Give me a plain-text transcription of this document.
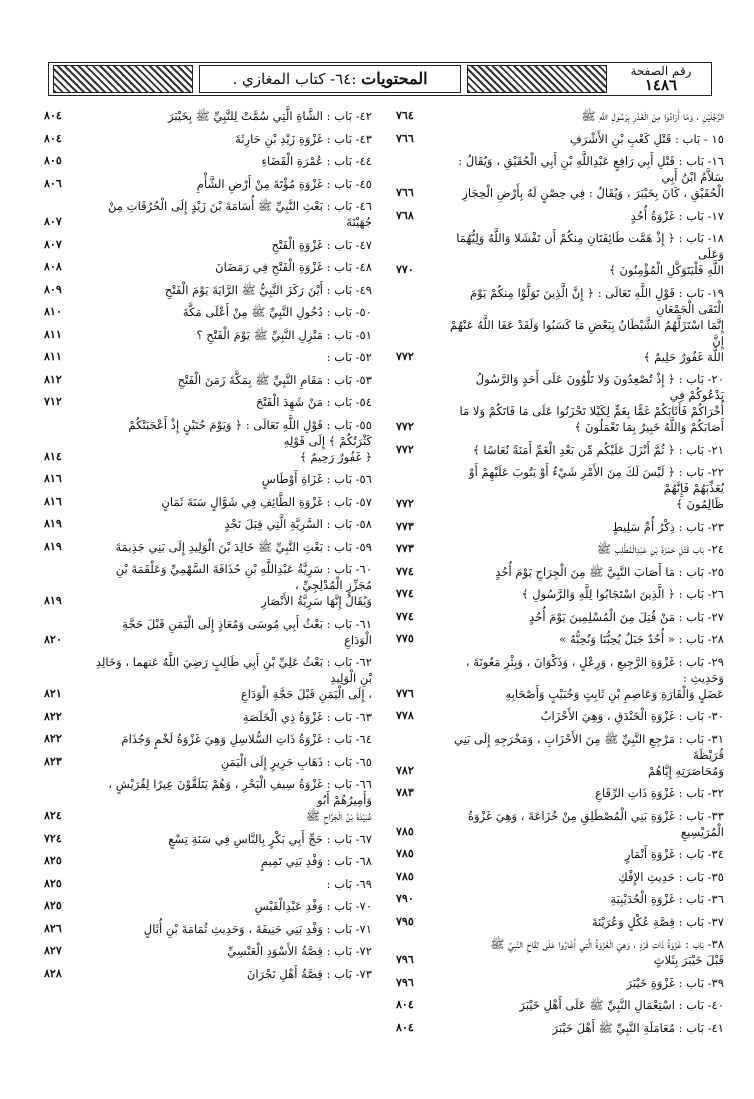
رقم الصفحة
١٤٨٦
المحتويات :٦٤- كتاب المغازي .
الرَّجُلَيْنِ ، وَمَا أَرَادُوا مِنَ الْغَدْرِ بِرَسُولِ اللَّهِ ﷺ
٧٦٤
١٥ - بَاب : قَتْلِ كَعْبِ بْنِ الأَشْرَفِ
٧٦٦
١٦- بَاب : قَتْلِ أَبِي رَافِعٍ عَبْدِاللَّهِ بْنِ أَبِي الْحُقَيْقِ ، وَيُقَالُ : سَلاَّمُ ابْنُ أَبِي
الْحُقَيْقِ ، كَانَ بِخَيْبَرَ ، وَيُقَالُ : فِي حِصْنٍ لَهُ بِأَرْضِ الْحِجَازِ
٧٦٦
١٧- بَاب : غَزْوَةُ أُحُدٍ
٧٦٨
١٨- بَاب : ﴿ إِذْ هَمَّت طَائِفَتَانِ مِنكُمْ أَن تَفْشَلا وَاللَّهُ وَلِيُّهُمَا وَعَلَى
اللَّهِ فَلْيَتَوَكَّلِ الْمُؤْمِنُونَ ﴾
٧٧٠
١٩- بَاب : قَوْلِ اللَّهِ تَعَالَى : ﴿ إِنَّ الَّذِينَ تَوَلَّوْا مِنكُمْ يَوْمَ الْتَقَى الْجَمْعَانِ
إِنَّمَا اسْتَزَلَّهُمُ الشَّيْطَانُ بِبَعْضِ مَا كَسَبُوا وَلَقَدْ عَفَا اللَّهُ عَنْهُمْ إِنَّ
اللَّهَ غَفُورٌ حَلِيمٌ ﴾
٧٧٢
٢٠- بَاب : ﴿ إِذْ تُصْعِدُونَ وَلا تَلْوُونَ عَلَى أَحَدٍ وَالرَّسُولُ يَدْعُوكُمْ فِي
أُخْرَاكُمْ فَأَثَابَكُمْ غَمًّا بِغَمٍّ لِكَيْلا تَحْزَنُوا عَلَى مَا فَاتَكُمْ وَلا مَا
أَصَابَكُمْ وَاللَّهُ خَبِيرٌ بِمَا تَعْمَلُونَ ﴾
٧٧٢
٢١- بَاب : ﴿ ثُمَّ أَنْزَلَ عَلَيْكُم مِّن بَعْدِ الْغَمِّ أَمَنَةً نُعَاسًا ﴾
٧٧٢
٢٢- بَاب : ﴿ لَيْسَ لَكَ مِنَ الأَمْرِ شَيْءٌ أَوْ يَتُوبَ عَلَيْهِمْ أَوْ يُعَذِّبَهُمْ فَإِنَّهُمْ
ظَالِمُونَ ﴾
٧٧٢
٢٣- بَاب : ذِكْرُ أُمِّ سَلِيطٍ
٧٧٣
٢٤- بَاب قَتْلِ حَمْزَةَ بْنِ عَبْدِالْمُطَّلِبِ ﷺ
٧٧٣
٢٥- بَاب : مَا أَصَابَ النَّبِيَّ ﷺ مِنَ الْجِرَاحِ يَوْمَ أُحُدٍ
٧٧٤
٢٦- بَاب : ﴿ الَّذِينَ اسْتَجَابُوا لِلَّهِ وَالرَّسُولِ ﴾
٧٧٤
٢٧- بَاب : مَنْ قُتِلَ مِنَ الْمُسْلِمِينَ يَوْمَ أُحُدٍ
٧٧٤
٢٨- بَاب : « أُحُدٌ جَبَلٌ يُحِبُّنَا وَنُحِبُّهُ »
٧٧٥
٢٩- بَاب : غَزْوَةِ الرَّجِيعِ ، وَرِعْلٍ ، وَذَكْوَانَ ، وَبِئْرِ مَعُونَةَ ، وَحَدِيثِ :
عَضَلٍ وَالْقَارَةِ وَعَاصِمِ بْنِ ثَابِتٍ وَخُبَيْبٍ وَأَصْحَابِهِ
٧٧٦
٣٠- بَاب : غَزْوَةِ الْخَنْدَقِ ، وَهِيَ الأَحْزَابُ
٧٧٨
٣١- بَاب : مَرْجِعِ النَّبِيِّ ﷺ مِنَ الأَحْزَابِ ، وَمَخْرَجِهِ إِلَى بَنِي قُرَيْظَةَ
وَمُحَاصَرَتِهِ إِيَّاهُمْ
٧٨٢
٣٢- بَاب : غَزْوَةِ ذَاتِ الرِّقَاعِ
٧٨٣
٣٣- بَاب : غَزْوَةِ بَنِي الْمُصْطَلِقِ مِنْ خُزَاعَةَ ، وَهِيَ غَزْوَةُ الْمُرَيْسِيعِ
٧٨٥
٣٤- بَاب : غَزْوَةِ أَنْمَارٍ
٧٨٥
٣٥- بَاب : حَدِيثِ الإِفْكِ
٧٨٥
٣٦- بَاب : غَزْوَةِ الْحُدَيْبِيَةِ
٧٩٠
٣٧- بَاب : قِصَّةِ عُكْلٍ وَعُرَيْنَةَ
٧٩٥
٣٨- بَاب : غَزْوَةُ ذَاتِ قَرَدٍ ، وَهِيَ الْغَزْوَةُ الَّتِي أَغَارُوا عَلَى لِقَاحِ النَّبِيِّ ﷺ
قَبْلَ خَيْبَرَ بِثَلاثٍ
٧٩٦
٣٩- بَاب : غَزْوَةِ خَيْبَرَ
٧٩٦
٤٠- بَاب : اسْتِعْمَالِ النَّبِيِّ ﷺ عَلَى أَهْلِ خَيْبَرَ
٨٠٤
٤١- بَاب : مُعَامَلَةِ النَّبِيِّ ﷺ أَهْلَ خَيْبَرَ
٨٠٤
٤٢- بَاب : الشَّاةِ الَّتِي سُمَّتْ لِلنَّبِيِّ ﷺ بِخَيْبَرَ
٨٠٤
٤٣- بَاب : غَزْوَةِ زَيْدِ بْنِ حَارِثَةَ
٨٠٤
٤٤- بَاب : عُمْرَةِ الْقَضَاءِ
٨٠٥
٤٥- بَاب : غَزْوَةِ مُؤْتَةَ مِنْ أَرْضِ الشَّأْمِ
٨٠٦
٤٦- بَاب : بَعْثِ النَّبِيِّ ﷺ أُسَامَةَ بْنَ زَيْدٍ إِلَى الْحُرُقَاتِ مِنْ جُهَيْنَةَ
٨٠٧
٤٧- بَاب : غَزْوَةِ الْفَتْحِ
٨٠٧
٤٨- بَاب : غَزْوَةِ الْفَتْحِ فِي رَمَضَانَ
٨٠٨
٤٩- بَاب : أَيْنَ رَكَزَ النَّبِيُّ ﷺ الرَّايَةَ يَوْمَ الْفَتْحِ
٨٠٩
٥٠- بَاب : دُخُولِ النَّبِيِّ ﷺ مِنْ أَعْلَى مَكَّةَ
٨١٠
٥١- بَاب : مَنْزِلِ النَّبِيِّ ﷺ يَوْمَ الْفَتْحِ ؟
٨١١
٥٢- بَاب :
٨١١
٥٣- بَاب : مَقَامِ النَّبِيِّ ﷺ بِمَكَّةَ زَمَنَ الْفَتْحِ
٨١٢
٥٤- بَاب : مَنْ شَهِدَ الْفَتْحَ
٧١٢
٥٥- بَاب : قَوْلِ اللَّهِ تَعَالَى : ﴿ وَيَوْمَ حُنَيْنٍ إِذْ أَعْجَبَتْكُمْ كَثْرَتُكُمْ ﴾ إِلَى قَوْلِهِ
﴿ غَفُورٌ رَحِيمٌ ﴾
٨١٤
٥٦- بَاب : غَزَاةِ أَوْطَاسٍ
٨١٦
٥٧- بَاب : غَزْوَةِ الطَّائِفِ فِي شَوَّالٍ سَنَةَ ثَمَانٍ
٨١٦
٥٨- بَاب : السَّرِيَّةِ الَّتِي قِبَلَ نَجْدٍ
٨١٩
٥٩- بَاب : بَعْثِ النَّبِيِّ ﷺ خَالِدَ بْنَ الْوَلِيدِ إِلَى بَنِي جَذِيمَةَ
٨١٩
٦٠- بَاب : سَرِيَّةُ عَبْدِاللَّهِ بْنِ حُذَافَةَ السَّهْمِيِّ وَعَلْقَمَةَ بْنِ مُجَزِّزٍ الْمُدْلِجِيِّ ،
وَيُقَالُ إِنَّهَا سَرِيَّةُ الأَنْصَارِ
٨١٩
٦١- بَاب : بَعْثُ أَبِي مُوسَى وَمُعَاذٍ إِلَى الْيَمَنِ قَبْلَ حَجَّةِ الْوَدَاعِ
٨٢٠
٦٢- بَاب : بَعْثُ عَلِيِّ بْنِ أَبِي طَالِبٍ رَضِيَ اللَّهُ عَنهما ، وَخَالِدِ بْنِ الْوَلِيدِ
، إِلَى الْيَمَنِ قَبْلَ حَجَّةِ الْوَدَاعِ
٨٢١
٦٣- بَاب : غَزْوَةُ ذِي الْخَلَصَةِ
٨٢٢
٦٤- بَاب : غَزْوَةُ ذَاتِ السُّلاسِلِ وَهِيَ غَزْوَةُ لَخْمٍ وَجُذَامَ
٨٢٢
٦٥- بَاب : ذَهَابِ جَرِيرٍ إِلَى الْيَمَنِ
٨٢٣
٦٦- بَاب : غَزْوَةُ سِيفِ الْبَحْرِ ، وَهُمْ يَتَلَقَّوْنَ عِيرًا لِقُرَيْشٍ ، وَأَمِيرُهُمْ أَبُو
عُبَيْدَةَ بْنُ الْجَرَّاحِ ﷺ
٨٢٤
٦٧- بَاب : حَجِّ أَبِي بَكْرٍ بِالنَّاسِ فِي سَنَةِ تِسْعٍ
٧٢٤
٦٨- بَاب : وَفْدِ بَنِي تَمِيمٍ
٨٢٥
٦٩- بَاب :
٨٢٥
٧٠- بَاب : وَفْدِ عَبْدِالْقَيْسِ
٨٢٥
٧١- بَاب : وَفْدِ بَنِي حَنِيفَةَ ، وَحَدِيثِ ثُمَامَةَ بْنِ أُثَالٍ
٨٢٦
٧٢- بَاب : قِصَّةُ الأَسْوَدِ الْعَنْسِيِّ
٨٢٧
٧٣- بَاب : قِصَّةُ أَهْلِ نَجْرَانَ
٨٢٨
